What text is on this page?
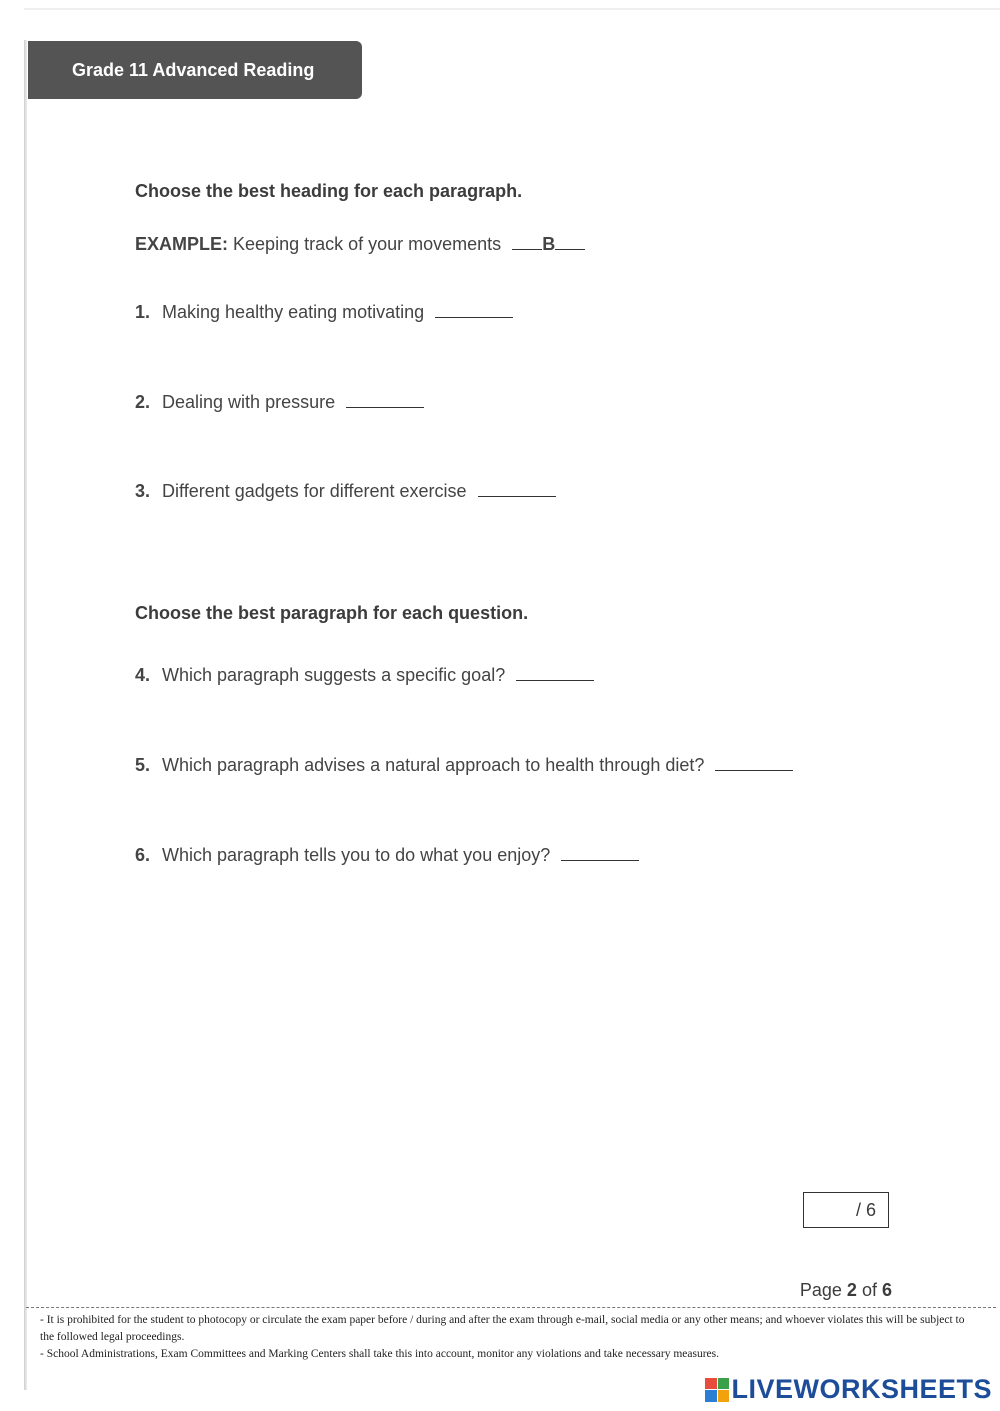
Grade 11 Advanced Reading
Choose the best heading for each paragraph.
EXAMPLE: Keeping track of your movements B
1. Making healthy eating motivating
2. Dealing with pressure
3. Different gadgets for different exercise
Choose the best paragraph for each question.
4. Which paragraph suggests a specific goal?
5. Which paragraph advises a natural approach to health through diet?
6. Which paragraph tells you to do what you enjoy?
/ 6
Page 2 of 6

- It is prohibited for the student to photocopy or circulate the exam paper before / during and after the exam through e-mail, social media or any other means; and whoever violates this will be subject to the followed legal proceedings.

- School Administrations, Exam Committees and Marking Centers shall take this into account, monitor any violations and take necessary measures.

LIVEWORKSHEETS
